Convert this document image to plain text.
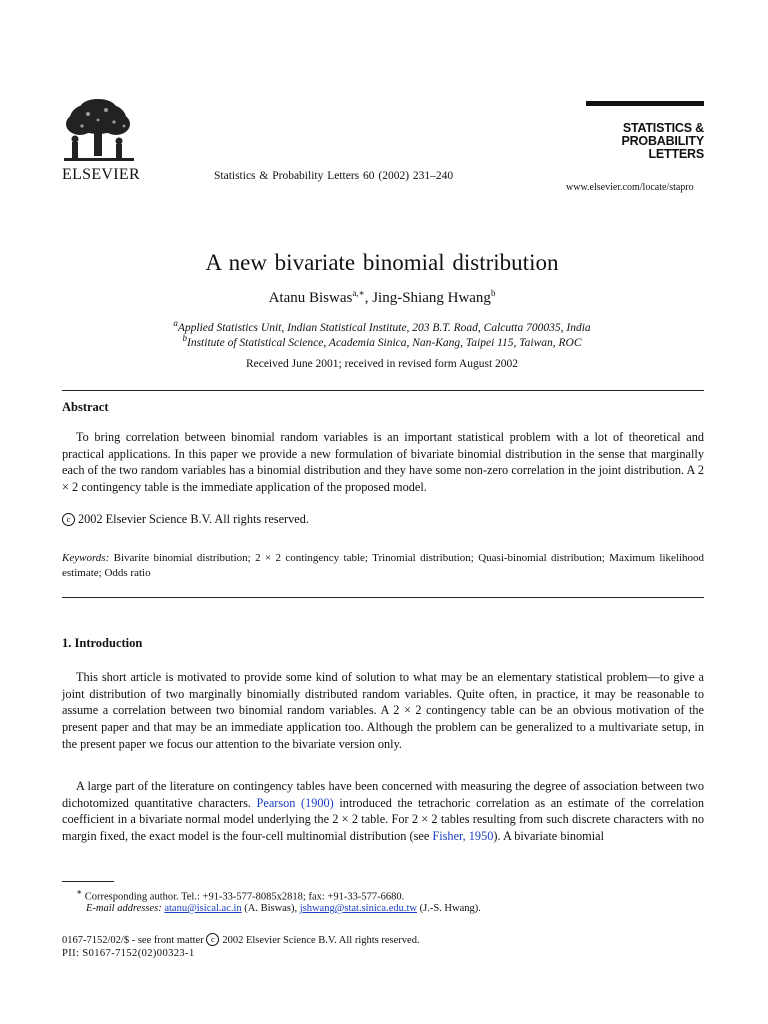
ELSEVIER	Statistics & Probability Letters 60 (2002) 231–240
STATISTICS &
PROBABILITY
LETTERS
www.elsevier.com/locate/stapro
A new bivariate binomial distribution
Atanu Biswas$^{a,∗}$, Jing-Shiang Hwang$^b$
$^a$Applied Statistics Unit, Indian Statistical Institute, 203 B.T. Road, Calcutta 700035, India
$^b$Institute of Statistical Science, Academia Sinica, Nan-Kang, Taipei 115, Taiwan, ROC
Received June 2001; received in revised form August 2002
Abstract
To bring correlation between binomial random variables is an important statistical problem with a lot of theoretical and practical applications. In this paper we provide a new formulation of bivariate binomial distribution in the sense that marginally each of the two random variables has a binomial distribution and they have some non-zero correlation in the joint distribution. A 2 × 2 contingency table is the immediate application of the proposed model.
c 2002 Elsevier Science B.V. All rights reserved.
Keywords: Bivarite binomial distribution; 2 × 2 contingency table; Trinomial distribution; Quasi-binomial distribution; Maximum likelihood estimate; Odds ratio
1. Introduction
This short article is motivated to provide some kind of solution to what may be an elementary statistical problem—to give a joint distribution of two marginally binomially distributed random variables. Quite often, in practice, it may be reasonable to assume a correlation between two binomial random variables. A 2 × 2 contingency table can be an obvious motivation of the present paper and that may be an immediate application too. Although the problem can be generalized to a multivariate setup, in the present paper we focus our attention to the bivariate version only.
A large part of the literature on contingency tables have been concerned with measuring the degree of association between two dichotomized quantitative characters. Pearson (1900) introduced the tetrachoric correlation as an estimate of the correlation coefficient in a bivariate normal model underlying the 2 × 2 table. For 2 × 2 tables resulting from such discrete characters with no margin fixed, the exact model is the four-cell multinomial distribution (see Fisher, 1950). A bivariate binomial
∗ Corresponding author. Tel.: +91-33-577-8085x2818; fax: +91-33-577-6680.
E-mail addresses: atanu@isical.ac.in (A. Biswas), jshwang@stat.sinica.edu.tw (J.-S. Hwang).
0167-7152/02/$ - see front matter c 2002 Elsevier Science B.V. All rights reserved.
PII: S0167-7152(02)00323-1
